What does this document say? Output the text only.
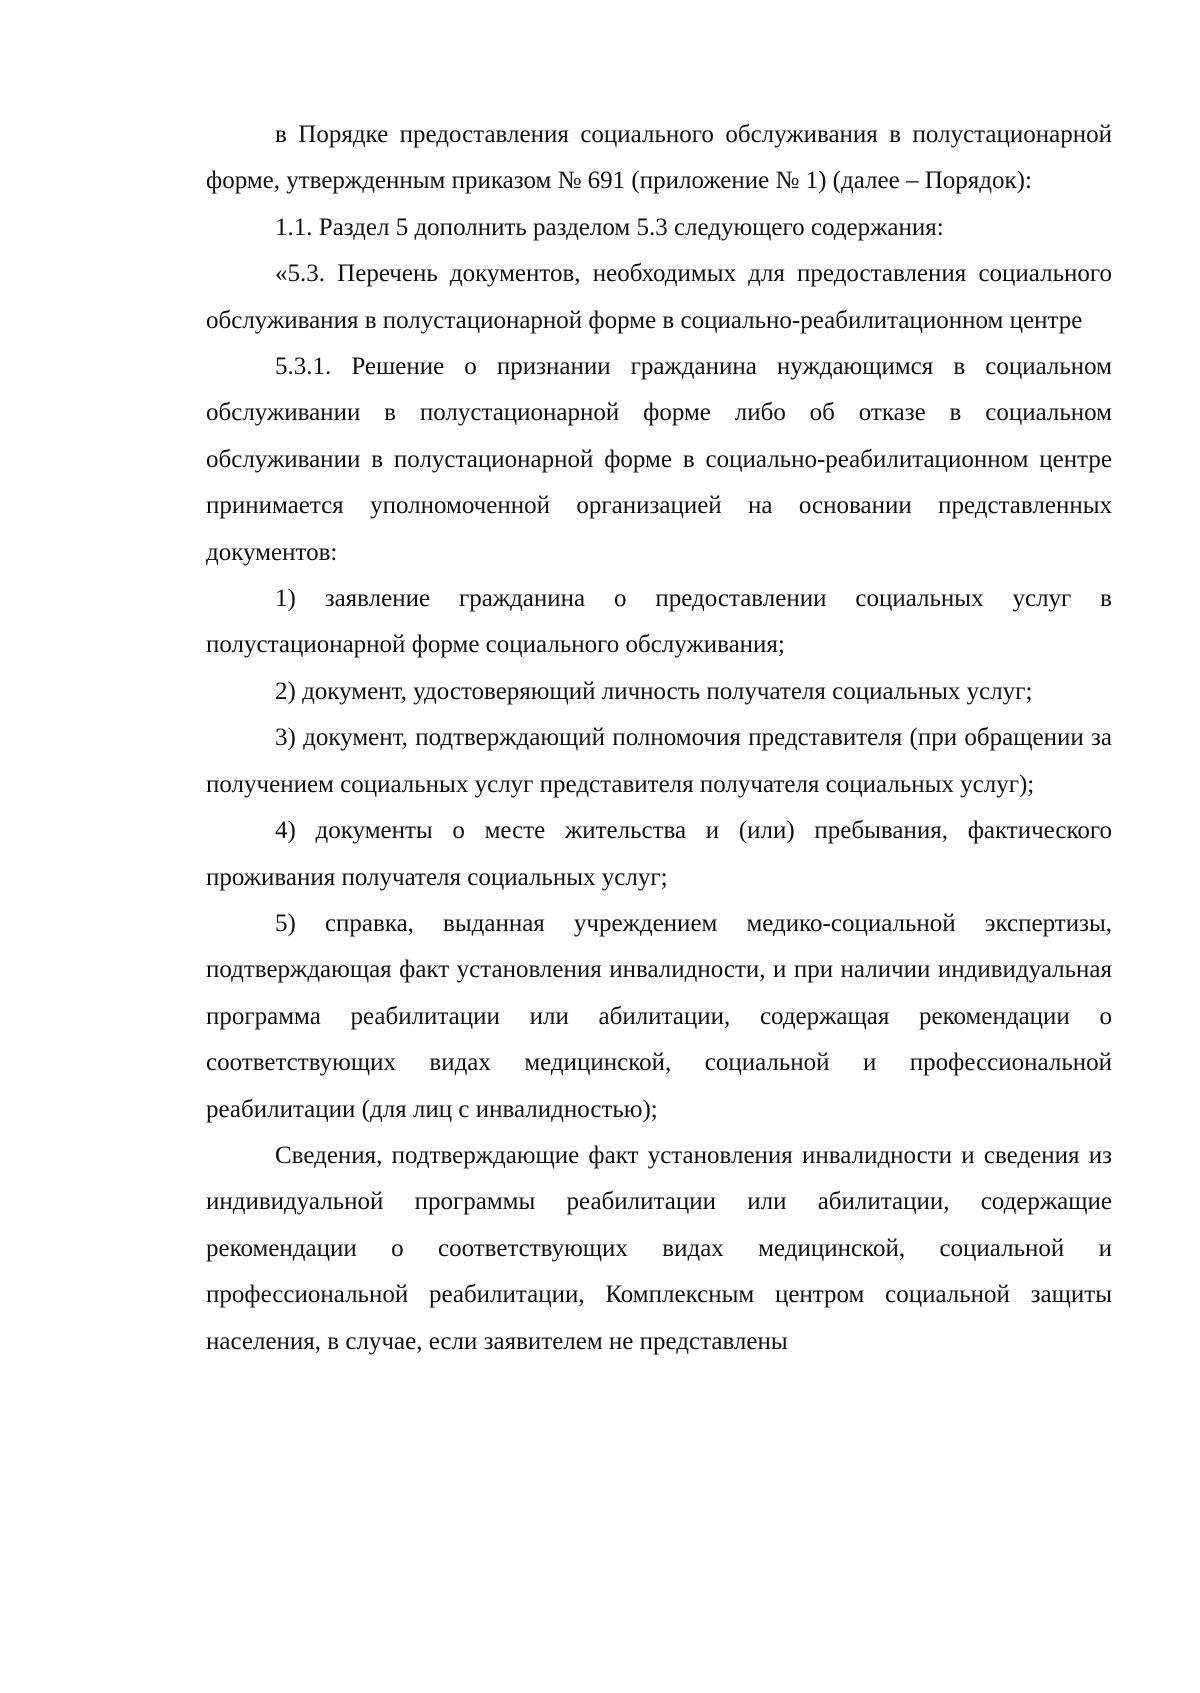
в Порядке предоставления социального обслуживания в полустационарной форме, утвержденным приказом № 691 (приложение № 1) (далее – Порядок):

1.1. Раздел 5 дополнить разделом 5.3 следующего содержания:

«5.3. Перечень документов, необходимых для предоставления социального обслуживания в полустационарной форме в социально-реабилитационном центре

5.3.1. Решение о признании гражданина нуждающимся в социальном обслуживании в полустационарной форме либо об отказе в социальном обслуживании в полустационарной форме в социально-реабилитационном центре принимается уполномоченной организацией на основании представленных документов:

1) заявление гражданина о предоставлении социальных услуг в полустационарной форме социального обслуживания;

2) документ, удостоверяющий личность получателя социальных услуг;

3) документ, подтверждающий полномочия представителя (при обращении за получением социальных услуг представителя получателя социальных услуг);

4) документы о месте жительства и (или) пребывания, фактического проживания получателя социальных услуг;

5) справка, выданная учреждением медико-социальной экспертизы, подтверждающая факт установления инвалидности, и при наличии индивидуальная программа реабилитации или абилитации, содержащая рекомендации о соответствующих видах медицинской, социальной и профессиональной реабилитации (для лиц с инвалидностью);

Сведения, подтверждающие факт установления инвалидности и сведения из индивидуальной программы реабилитации или абилитации, содержащие рекомендации о соответствующих видах медицинской, социальной и профессиональной реабилитации, Комплексным центром социальной защиты населения, в случае, если заявителем не представлены
